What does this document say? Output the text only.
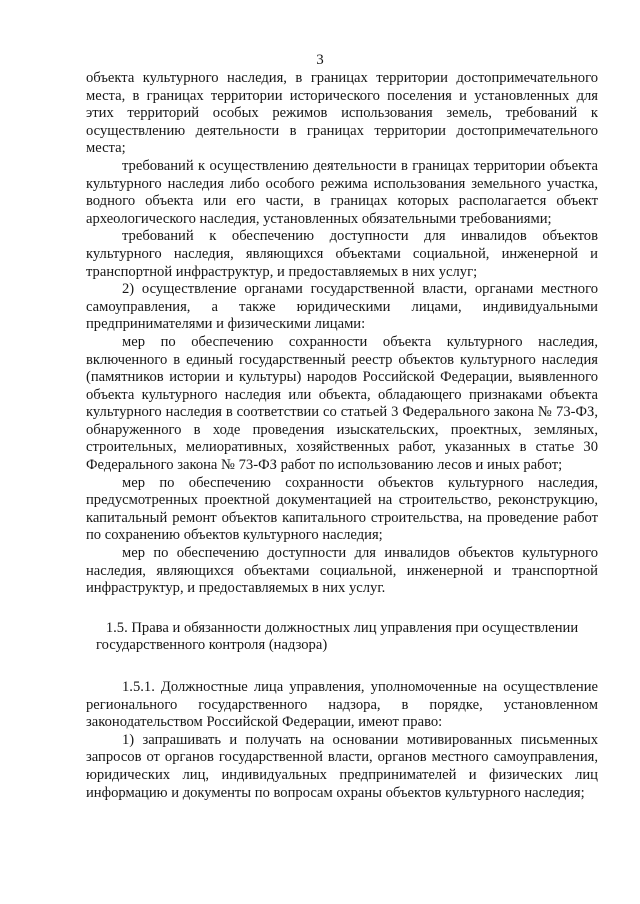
3

объекта культурного наследия, в границах территории достопримечательного места, в границах территории исторического поселения и установленных для этих территорий особых режимов использования земель, требований к осуществлению деятельности в границах территории достопримечательного места;

требований к осуществлению деятельности в границах территории объекта культурного наследия либо особого режима использования земельного участка, водного объекта или его части, в границах которых располагается объект археологического наследия, установленных обязательными требованиями;

требований к обеспечению доступности для инвалидов объектов культурного наследия, являющихся объектами социальной, инженерной и транспортной инфраструктур, и предоставляемых в них услуг;

2) осуществление органами государственной власти, органами местного самоуправления, а также юридическими лицами, индивидуальными предпринимателями и физическими лицами:

мер по обеспечению сохранности объекта культурного наследия, включенного в единый государственный реестр объектов культурного наследия (памятников истории и культуры) народов Российской Федерации, выявленного объекта культурного наследия или объекта, обладающего признаками объекта культурного наследия в соответствии со статьей 3 Федерального закона № 73-ФЗ, обнаруженного в ходе проведения изыскательских, проектных, земляных, строительных, мелиоративных, хозяйственных работ, указанных в статье 30 Федерального закона № 73-ФЗ работ по использованию лесов и иных работ;

мер по обеспечению сохранности объектов культурного наследия, предусмотренных проектной документацией на строительство, реконструкцию, капитальный ремонт объектов капитального строительства, на проведение работ по сохранению объектов культурного наследия;

мер по обеспечению доступности для инвалидов объектов культурного наследия, являющихся объектами социальной, инженерной и транспортной инфраструктур, и предоставляемых в них услуг.

1.5. Права и обязанности должностных лиц управления при осуществлении государственного контроля (надзора)

1.5.1. Должностные лица управления, уполномоченные на осуществление регионального государственного надзора, в порядке, установленном законодательством Российской Федерации, имеют право:

1) запрашивать и получать на основании мотивированных письменных запросов от органов государственной власти, органов местного самоуправления, юридических лиц, индивидуальных предпринимателей и физических лиц информацию и документы по вопросам охраны объектов культурного наследия;
